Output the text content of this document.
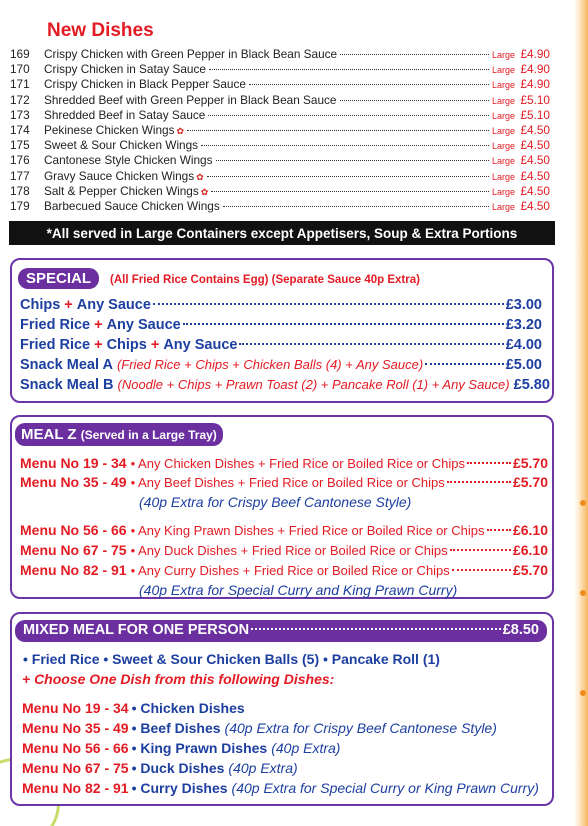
New Dishes
169	Crispy Chicken with Green Pepper in Black Bean Sauce	Large £4.90
170	Crispy Chicken in Satay Sauce	Large £4.90
171	Crispy Chicken in Black Pepper Sauce	Large £4.90
172	Shredded Beef with Green Pepper in Black Bean Sauce	Large £5.10
173	Shredded Beef in Satay Sauce	Large £5.10
174	Pekinese Chicken Wings ✿	Large £4.50
175	Sweet & Sour Chicken Wings	Large £4.50
176	Cantonese Style Chicken Wings	Large £4.50
177	Gravy Sauce Chicken Wings ✿	Large £4.50
178	Salt & Pepper Chicken Wings ✿	Large £4.50
179	Barbecued Sauce Chicken Wings	Large £4.50
*All served in Large Containers except Appetisers, Soup & Extra Portions
SPECIAL	(All Fried Rice Contains Egg) (Separate Sauce 40p Extra)
Chips + Any Sauce	£3.00
Fried Rice + Any Sauce	£3.20
Fried Rice + Chips + Any Sauce	£4.00
Snack Meal A (Fried Rice + Chips + Chicken Balls (4) + Any Sauce)	£5.00
Snack Meal B (Noodle + Chips + Prawn Toast (2) + Pancake Roll (1) + Any Sauce) £5.80
MEAL Z (Served in a Large Tray)
Menu No 19 - 34 • Any Chicken Dishes + Fried Rice or Boiled Rice or Chips	£5.70
Menu No 35 - 49 • Any Beef Dishes + Fried Rice or Boiled Rice or Chips	£5.70
(40p Extra for Crispy Beef Cantonese Style)
Menu No 56 - 66 • Any King Prawn Dishes + Fried Rice or Boiled Rice or Chips £6.10
Menu No 67 - 75 • Any Duck Dishes + Fried Rice or Boiled Rice or Chips	£6.10
Menu No 82 - 91 • Any Curry Dishes + Fried Rice or Boiled Rice or Chips	£5.70
(40p Extra for Special Curry and King Prawn Curry)
MIXED MEAL FOR ONE PERSON	£8.50
• Fried Rice • Sweet & Sour Chicken Balls (5) • Pancake Roll (1)
+ Choose One Dish from this following Dishes:
Menu No 19 - 34 • Chicken Dishes
Menu No 35 - 49 • Beef Dishes (40p Extra for Crispy Beef Cantonese Style)
Menu No 56 - 66 • King Prawn Dishes (40p Extra)
Menu No 67 - 75 • Duck Dishes (40p Extra)
Menu No 82 - 91 • Curry Dishes (40p Extra for Special Curry or King Prawn Curry)
